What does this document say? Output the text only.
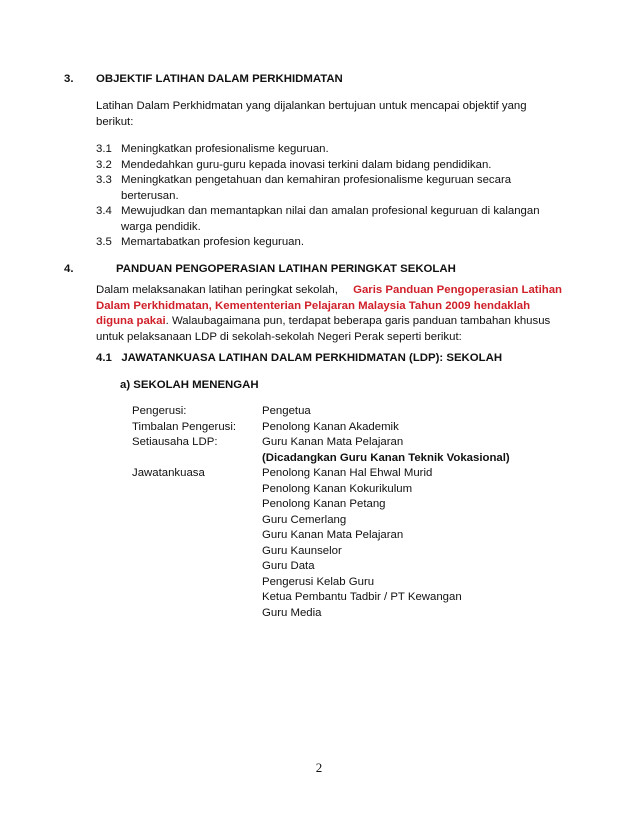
3. OBJEKTIF LATIHAN DALAM PERKHIDMATAN
Latihan Dalam Perkhidmatan yang dijalankan bertujuan untuk mencapai objektif yang
berikut:
3.1 Meningkatkan profesionalisme keguruan.
3.2 Mendedahkan guru-guru kepada inovasi terkini dalam bidang pendidikan.
3.3 Meningkatkan pengetahuan dan kemahiran profesionalisme keguruan secara
berterusan.
3.4 Mewujudkan dan memantapkan nilai dan amalan profesional keguruan di kalangan
warga pendidik.
3.5 Memartabatkan profesion keguruan.
4.	PANDUAN PENGOPERASIAN LATIHAN PERINGKAT SEKOLAH
Dalam melaksanakan latihan peringkat sekolah, Garis Panduan Pengoperasian Latihan
Dalam Perkhidmatan, Kemententerian Pelajaran Malaysia Tahun 2009 hendaklah
diguna pakai. Walaubagaimana pun, terdapat beberapa garis panduan tambahan khusus
untuk pelaksanaan LDP di sekolah-sekolah Negeri Perak seperti berikut:
4.1 JAWATANKUASA LATIHAN DALAM PERKHIDMATAN (LDP): SEKOLAH
a) SEKOLAH MENENGAH
Pengerusi:	Pengetua
Timbalan Pengerusi: Penolong Kanan Akademik
Setiausaha LDP:	Guru Kanan Mata Pelajaran
(Dicadangkan Guru Kanan Teknik Vokasional)
Jawatankuasa	Penolong Kanan Hal Ehwal Murid
Penolong Kanan Kokurikulum
Penolong Kanan Petang
Guru Cemerlang
Guru Kanan Mata Pelajaran
Guru Kaunselor
Guru Data
Pengerusi Kelab Guru
Ketua Pembantu Tadbir / PT Kewangan
Guru Media
2
